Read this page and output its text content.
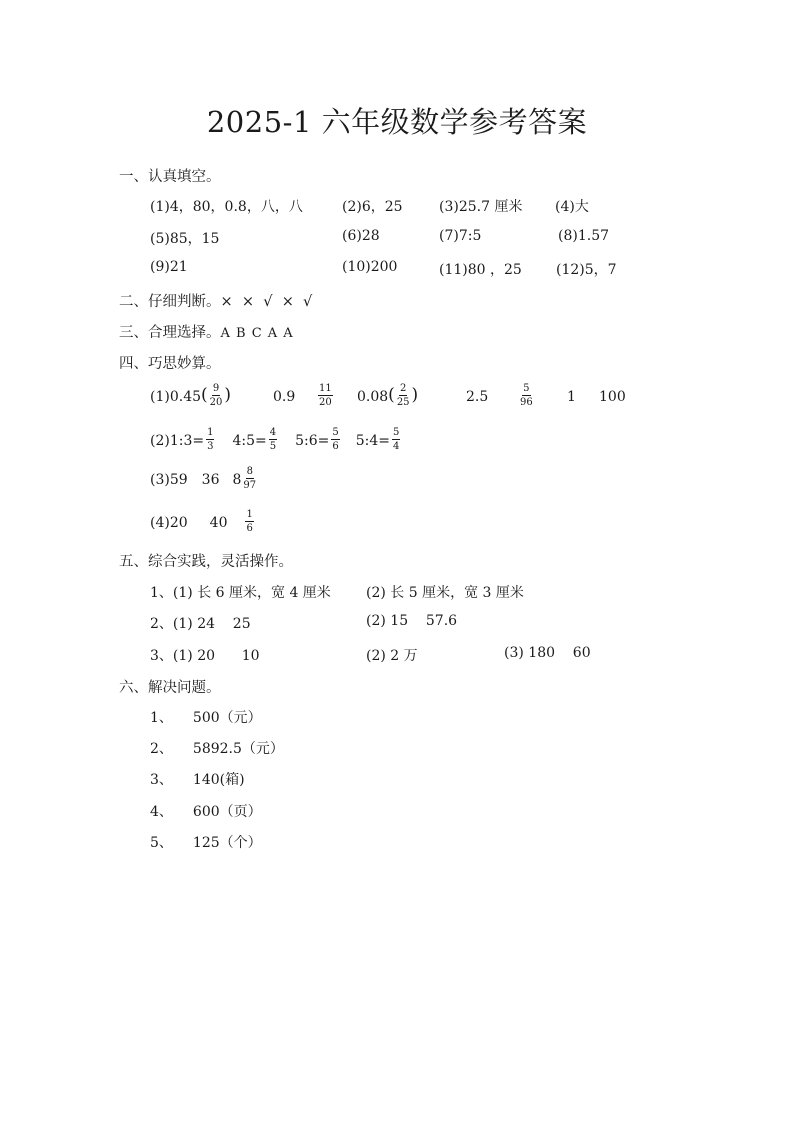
2025-1 六年级数学参考答案
一、认真填空。
(1)4，80，0.8，八，八	(2)6，25	(3)25.7 厘米 (4)大
(5)85，15	(6)28	(7)7:5	(8)1.57
(9)21	(10)200	(11)80 ，25 (12)5，7
二、仔细判断。×  ×  √  ×  √
三、合理选择。A B C A A
四、巧思妙算。
(1)0.45 ( $\frac{9}{20}$ )	$0.9 \frac{11}{20} 0.08$ ( $\frac{2}{25}$ )	2.5	$\frac{5}{96} 1$ 100
(2)1:3= $\frac{1}{3}$ 4:5= $\frac{4}{5}$ 5:6= $\frac{5}{6}$ 5:4= $\frac{5}{4}$
(3)59 36 $8 \frac{8}{97}$
(4)20 $40 \frac{1}{6}$
五、综合实践，灵活操作。
1、(1) 长 6 厘米，宽 4 厘米	(2) 长 5 厘米，宽 3 厘米
2、(1) 24    25	(2) 15    57.6
3、(1) 20      10	(2) 2 万	(3) 180    60
六、解决问题。
1、 500（元）
2、 5892.5（元）
3、 140(箱)
4、 600（页）
5、 125（个）
